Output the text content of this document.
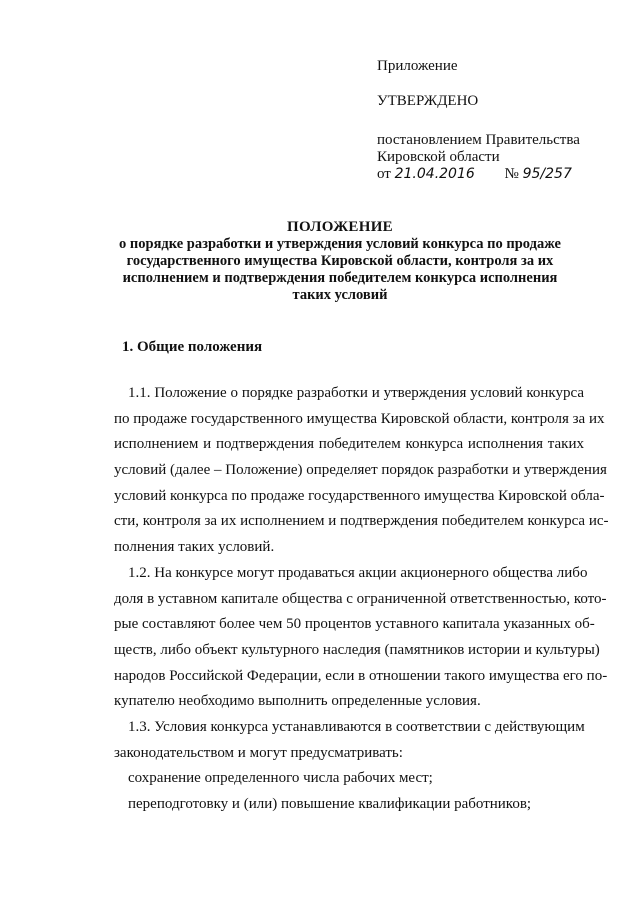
Приложение
УТВЕРЖДЕНО
постановлением Правительства
Кировской области
от 21.04.2016 № 95/257
ПОЛОЖЕНИЕ
о порядке разработки и утверждения условий конкурса по продаже
государственного имущества Кировской области, контроля за их
исполнением и подтверждения победителем конкурса исполнения
таких условий
1. Общие положения
1.1. Положение о порядке разработки и утверждения условий конкурса
по продаже государственного имущества Кировской области, контроля за их
исполнением и подтверждения победителем конкурса исполнения таких
условий (далее – Положение) определяет порядок разработки и утверждения
условий конкурса по продаже государственного имущества Кировской обла-
сти, контроля за их исполнением и подтверждения победителем конкурса ис-
полнения таких условий.
1.2. На конкурсе могут продаваться акции акционерного общества либо
доля в уставном капитале общества с ограниченной ответственностью, кото-
рые составляют более чем 50 процентов уставного капитала указанных об-
ществ, либо объект культурного наследия (памятников истории и культуры)
народов Российской Федерации, если в отношении такого имущества его по-
купателю необходимо выполнить определенные условия.
1.3. Условия конкурса устанавливаются в соответствии с действующим
законодательством и могут предусматривать:
сохранение определенного числа рабочих мест;
переподготовку и (или) повышение квалификации работников;
